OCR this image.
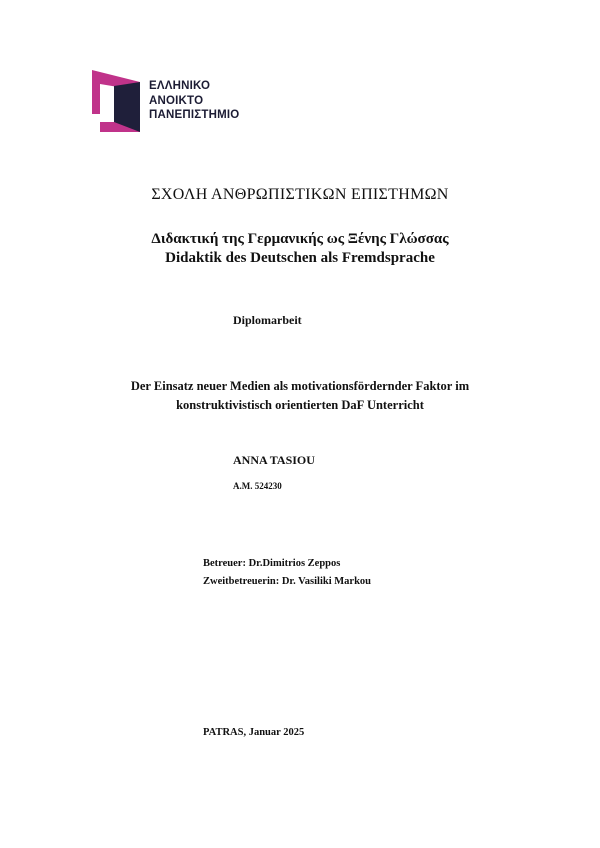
ΕΛΛΗΝΙΚΟ
ΑΝΟΙΚΤΟ
ΠΑΝΕΠΙΣΤΗΜΙΟ
ΣΧΟΛΗ ΑΝΘΡΩΠΙΣΤΙΚΩΝ ΕΠΙΣΤΗΜΩΝ
Διδακτική της Γερμανικής ως Ξένης Γλώσσας
Didaktik des Deutschen als Fremdsprache
Diplomarbeit
Der Einsatz neuer Medien als motivationsfördernder Faktor im
konstruktivistisch orientierten DaF Unterricht
ANNA TASIOU
A.M. 524230
Betreuer: Dr.Dimitrios Zeppos
Zweitbetreuerin: Dr. Vasiliki Markou
PATRAS, Januar 2025
